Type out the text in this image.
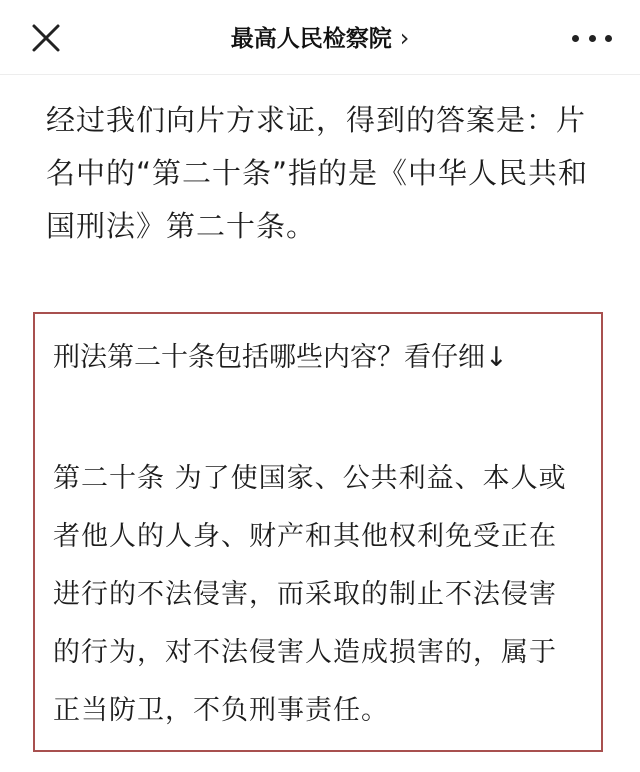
最高人民检察院 ›
经过我们向片方求证，得到的答案是：片名中的“第二十条”指的是《中华人民共和国刑法》第二十条。
刑法第二十条包括哪些内容？看仔细↓
第二十条 为了使国家、公共利益、本人或者他人的人身、财产和其他权利免受正在进行的不法侵害，而采取的制止不法侵害的行为，对不法侵害人造成损害的，属于正当防卫，不负刑事责任。
